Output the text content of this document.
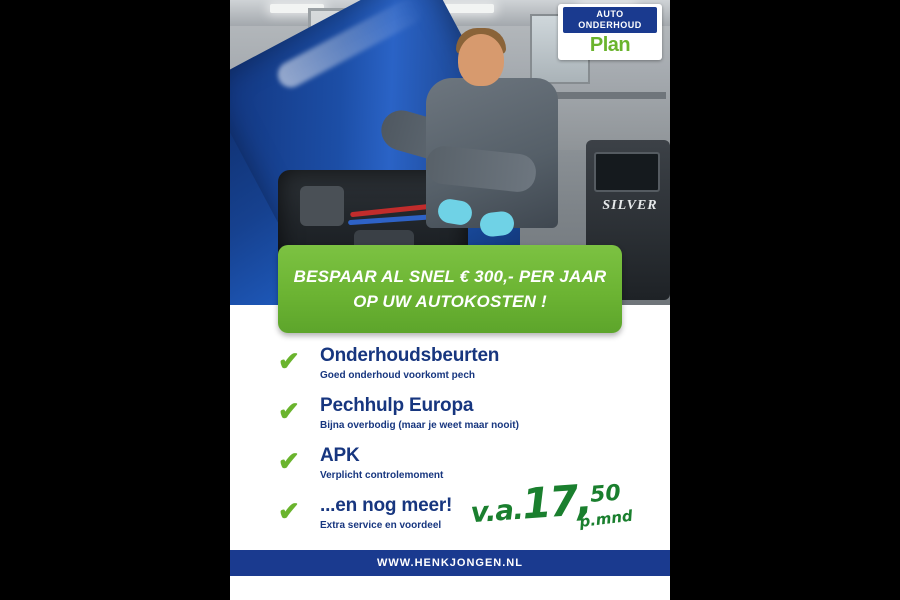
SILVER
AUTO
ONDERHOUD
Plan
BESPAAR AL SNEL € 300,- PER JAAR
OP UW AUTOKOSTEN !
✔ Onderhoudsbeurten
Goed onderhoud voorkomt pech
✔ Pechhulp Europa
Bijna overbodig (maar je weet maar nooit)
✔ APK
Verplicht controlemoment
✔ ...en nog meer!
Extra service en voordeel	v.a.17,50
p.mnd
WWW.HENKJONGEN.NL
